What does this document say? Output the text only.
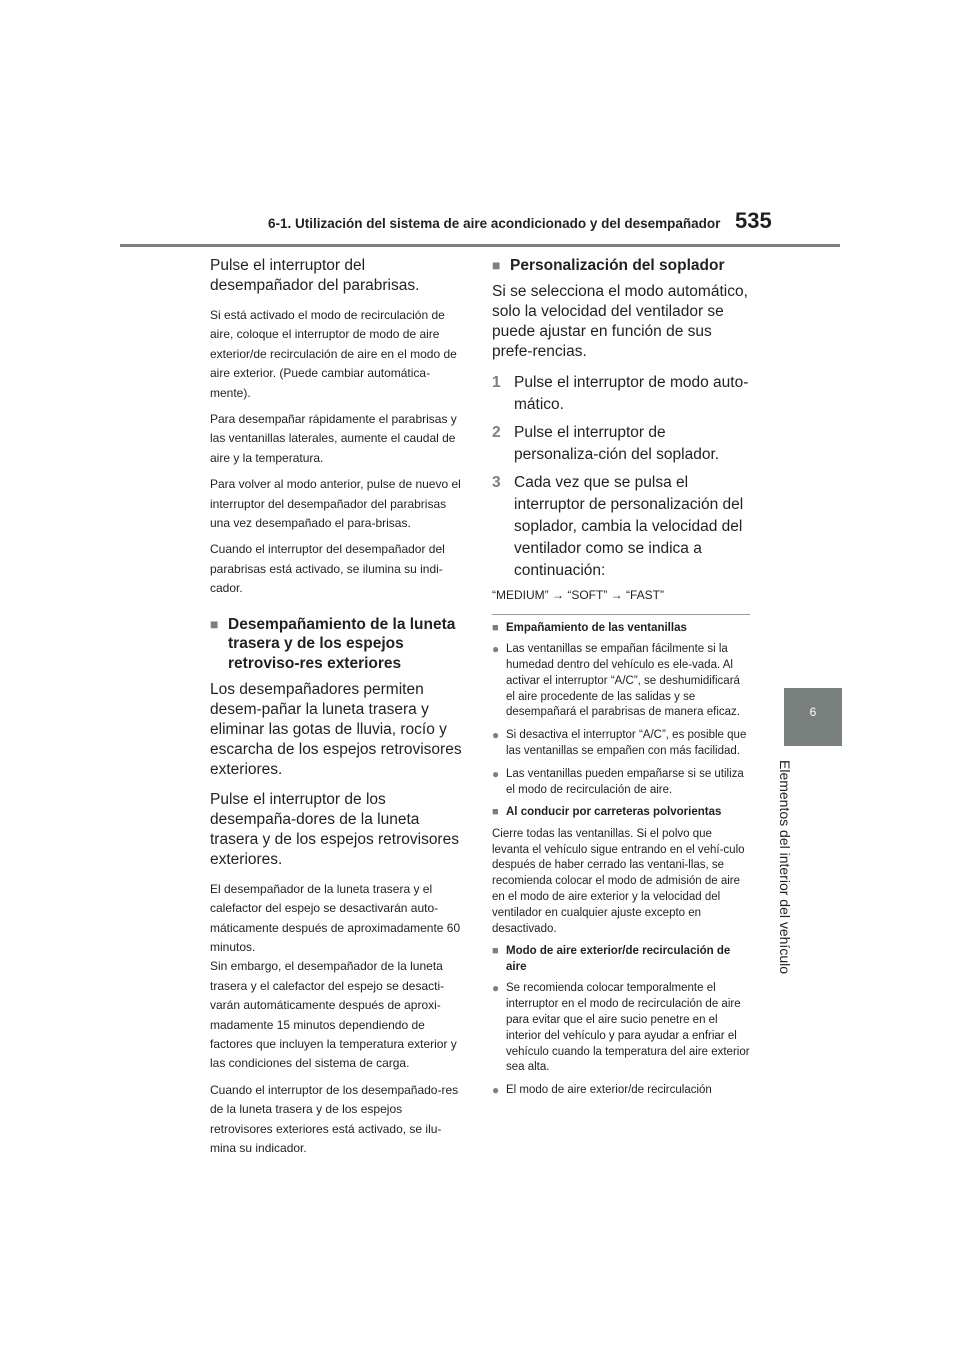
6-1. Utilización del sistema de aire acondicionado y del desempañador 535
6
Elementos del interior del vehículo

Pulse el interruptor del desempañador del parabrisas.

Si está activado el modo de recirculación de aire, coloque el interruptor de modo de aire exterior/de recirculación de aire en el modo de aire exterior. (Puede cambiar automática-mente).

Para desempañar rápidamente el parabrisas y las ventanillas laterales, aumente el caudal de aire y la temperatura.

Para volver al modo anterior, pulse de nuevo el interruptor del desempañador del parabrisas una vez desempañado el para-brisas.

Cuando el interruptor del desempañador del parabrisas está activado, se ilumina su indi-cador.

■ Desempañamiento de la luneta trasera y de los espejos retroviso-res exteriores

Los desempañadores permiten desem-pañar la luneta trasera y eliminar las gotas de lluvia, rocío y escarcha de los espejos retrovisores exteriores.

Pulse el interruptor de los desempaña-dores de la luneta trasera y de los espejos retrovisores exteriores.

El desempañador de la luneta trasera y el calefactor del espejo se desactivarán auto-máticamente después de aproximadamente 60 minutos.

Sin embargo, el desempañador de la luneta trasera y el calefactor del espejo se desacti-varán automáticamente después de aproxi-madamente 15 minutos dependiendo de factores que incluyen la temperatura exterior y las condiciones del sistema de carga.

Cuando el interruptor de los desempañado-res de la luneta trasera y de los espejos retrovisores exteriores está activado, se ilu-mina su indicador.

■ Personalización del soplador

Si se selecciona el modo automático, solo la velocidad del ventilador se puede ajustar en función de sus prefe-rencias.

1 Pulse el interruptor de modo auto-mático.
2 Pulse el interruptor de personaliza-ción del soplador.
3 Cada vez que se pulsa el interruptor de personalización del soplador, cambia la velocidad del ventilador como se indica a continuación:
“MEDIUM” → “SOFT” → “FAST”
■ Empañamiento de las ventanillas
● Las ventanillas se empañan fácilmente si la humedad dentro del vehículo es ele-vada. Al activar el interruptor “A/C”, se deshumidificará el aire procedente de las salidas y se desempañará el parabrisas de manera eficaz.
● Si desactiva el interruptor “A/C”, es posible que las ventanillas se empañen con más facilidad.
● Las ventanillas pueden empañarse si se utiliza el modo de recirculación de aire.
■ Al conducir por carreteras polvorientas

Cierre todas las ventanillas. Si el polvo que levanta el vehículo sigue entrando en el vehí-culo después de haber cerrado las ventani-llas, se recomienda colocar el modo de admisión de aire en el modo de aire exterior y la velocidad del ventilador en cualquier ajuste excepto en desactivado.

■ Modo de aire exterior/de recirculación de aire
● Se recomienda colocar temporalmente el interruptor en el modo de recirculación de aire para evitar que el aire sucio penetre en el interior del vehículo y para ayudar a enfriar el vehículo cuando la temperatura del aire exterior sea alta.
● El modo de aire exterior/de recirculación
